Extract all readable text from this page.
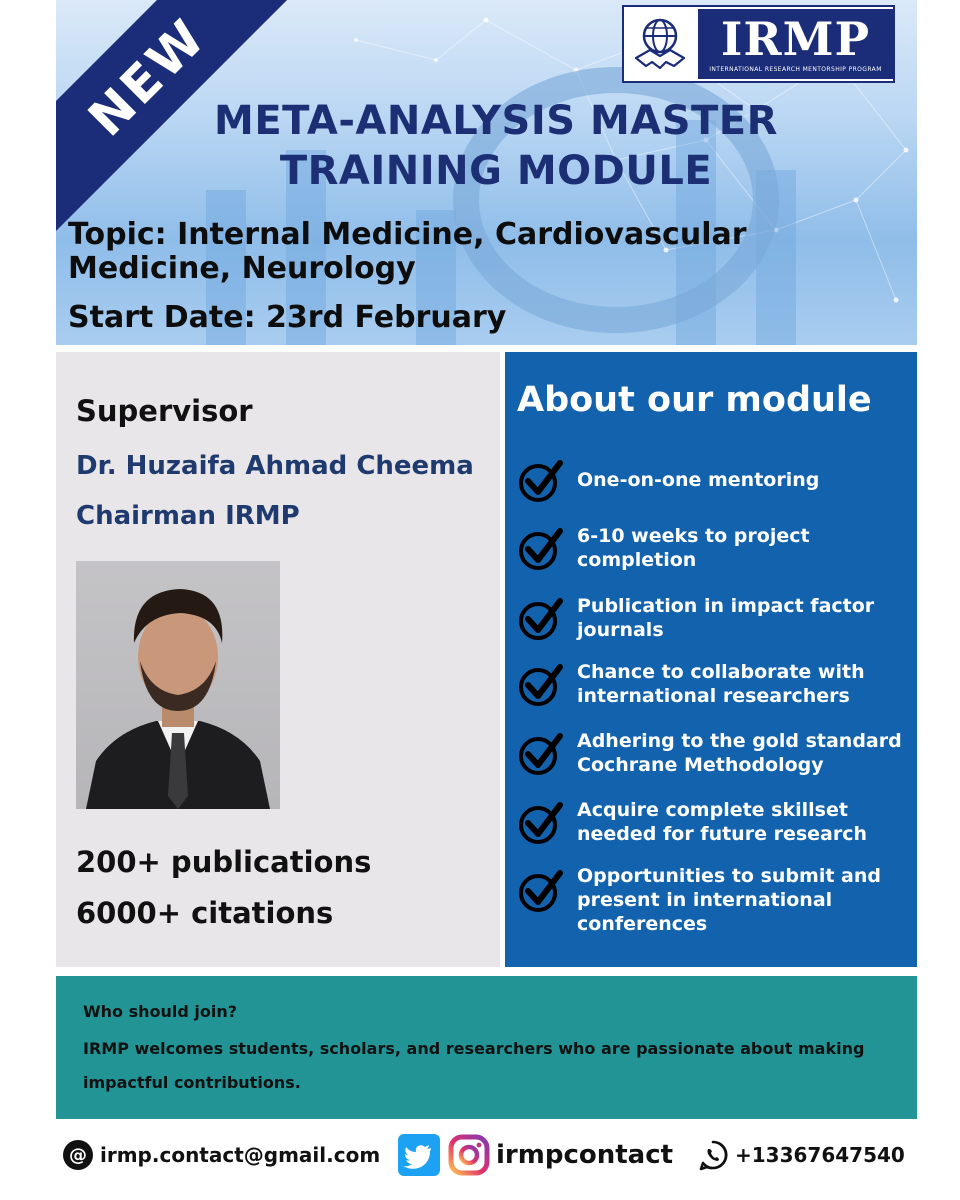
NEW	IRMP
INTERNATIONAL RESEARCH MENTORSHIP PROGRAM
META-ANALYSIS MASTER
TRAINING MODULE
Topic: Internal Medicine, Cardiovascular Medicine, Neurology
Start Date: 23rd February
Supervisor
Dr. Huzaifa Ahmad Cheema
Chairman IRMP
200+ publications
6000+ citations
About our module
One-on-one mentoring
6-10 weeks to project completion
Publication in impact factor journals
Chance to collaborate with international researchers
Adhering to the gold standard Cochrane Methodology
Acquire complete skillset needed for future research
Opportunities to submit and present in international conferences
Who should join?
IRMP welcomes students, scholars, and researchers who are passionate about making impactful contributions.
@ irmp.contact@gmail.com	irmpcontact	+13367647540
